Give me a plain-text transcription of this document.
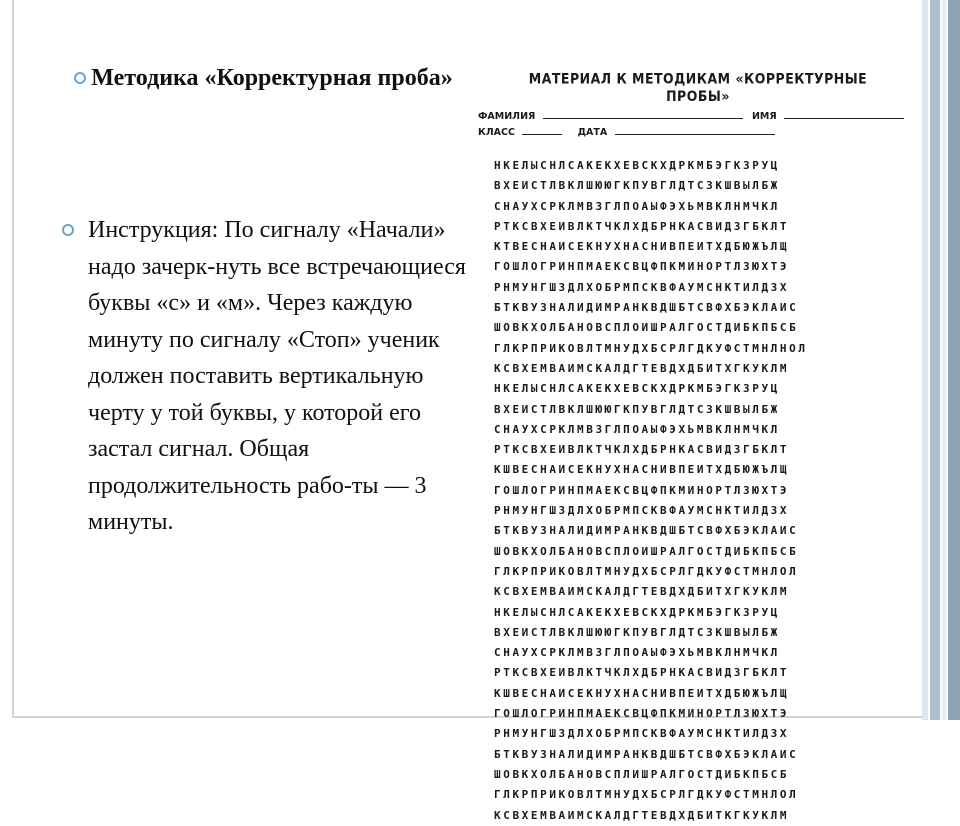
Методика «Корректурная проба»
Инструкция: По сигналу «Начали» надо зачерк-нуть все встречающиеся буквы «с» и «м». Через каждую минуту по сигналу «Стоп» ученик должен поставить вертикальную черту у той буквы, у которой его застал сигнал. Общая продолжительность рабо-ты — 3 минуты.
МАТЕРИАЛ К МЕТОДИКАМ «КОРРЕКТУРНЫЕ ПРОБЫ»
ФАМИЛИЯ	ИМЯ
КЛАСС	ДАТА
НКЕЛЫСНЛСАКЕКХЕВСКХДРКМБЭГКЗРУЦ
ВХЕИСТЛВКЛШЮЮГКПУВГЛДТСЗКШВЫЛБЖ
СНАУХСРКЛМВЗГЛПОАЫФЭХЬМВКЛНМЧКЛ
РТКСВХЕИВЛКТЧКЛХДБРНКАСВИДЗГБКЛТ
КТВЕСНАИСЕКНУХНАСНИВПЕИТХДБЮЖЪЛЩ
ГОШЛОГРИНПМАЕКСВЦФПКМИНОРТЛЗЮХТЭ
РНМУНГШЗДЛХОБРМПСКВФАУМСНКТИЛДЗХ
БТКВУЗНАЛИДИМРАНКВДШБТСВФХБЭКЛАИС
ШОВКХОЛБАНОВСПЛОИШРАЛГОСТДИБКПБСБ
ГЛКРПРИКОВЛТМНУДХБСРЛГДКУФСТМНЛНОЛ
КСВХЕМВАИМСКАЛДГТЕВДХДБИТХГКУКЛМ
НКЕЛЫСНЛСАКЕКХЕВСКХДРКМБЭГКЗРУЦ
ВХЕИСТЛВКЛШЮЮГКПУВГЛДТСЗКШВЫЛБЖ
СНАУХСРКЛМВЗГЛПОАЫФЭХЬМВКЛНМЧКЛ
РТКСВХЕИВЛКТЧКЛХДБРНКАСВИДЗГБКЛТ
КШВЕСНАИСЕКНУХНАСНИВПЕИТХДБЮЖЪЛЩ
ГОШЛОГРИНПМАЕКСВЦФПКМИНОРТЛЗЮХТЭ
РНМУНГШЗДЛХОБРМПСКВФАУМСНКТИЛДЗХ
БТКВУЗНАЛИДИМРАНКВДШБТСВФХБЭКЛАИС
ШОВКХОЛБАНОВСПЛОИШРАЛГОСТДИБКПБСБ
ГЛКРПРИКОВЛТМНУДХБСРЛГДКУФСТМНЛОЛ
КСВХЕМВАИМСКАЛДГТЕВДХДБИТХГКУКЛМ
НКЕЛЫСНЛСАКЕКХЕВСКХДРКМБЭГКЗРУЦ
ВХЕИСТЛВКЛШЮЮГКПУВГЛДТСЗКШВЫЛБЖ
СНАУХСРКЛМВЗГЛПОАЫФЭХЬМВКЛНМЧКЛ
РТКСВХЕИВЛКТЧКЛХДБРНКАСВИДЗГБКЛТ
КШВЕСНАИСЕКНУХНАСНИВПЕИТХДБЮЖЪЛЩ
ГОШЛОГРИНПМАЕКСВЦФПКМИНОРТЛЗЮХТЭ
РНМУНГШЗДЛХОБРМПСКВФАУМСНКТИЛДЗХ
БТКВУЗНАЛИДИМРАНКВДШБТСВФХБЭКЛАИС
ШОВКХОЛБАНОВСПЛИШРАЛГОСТДИБКПБСБ
ГЛКРПРИКОВЛТМНУДХБСРЛГДКУФСТМНЛОЛ
КСВХЕМВАИМСКАЛДГТЕВДХДБИТКГКУКЛМ
